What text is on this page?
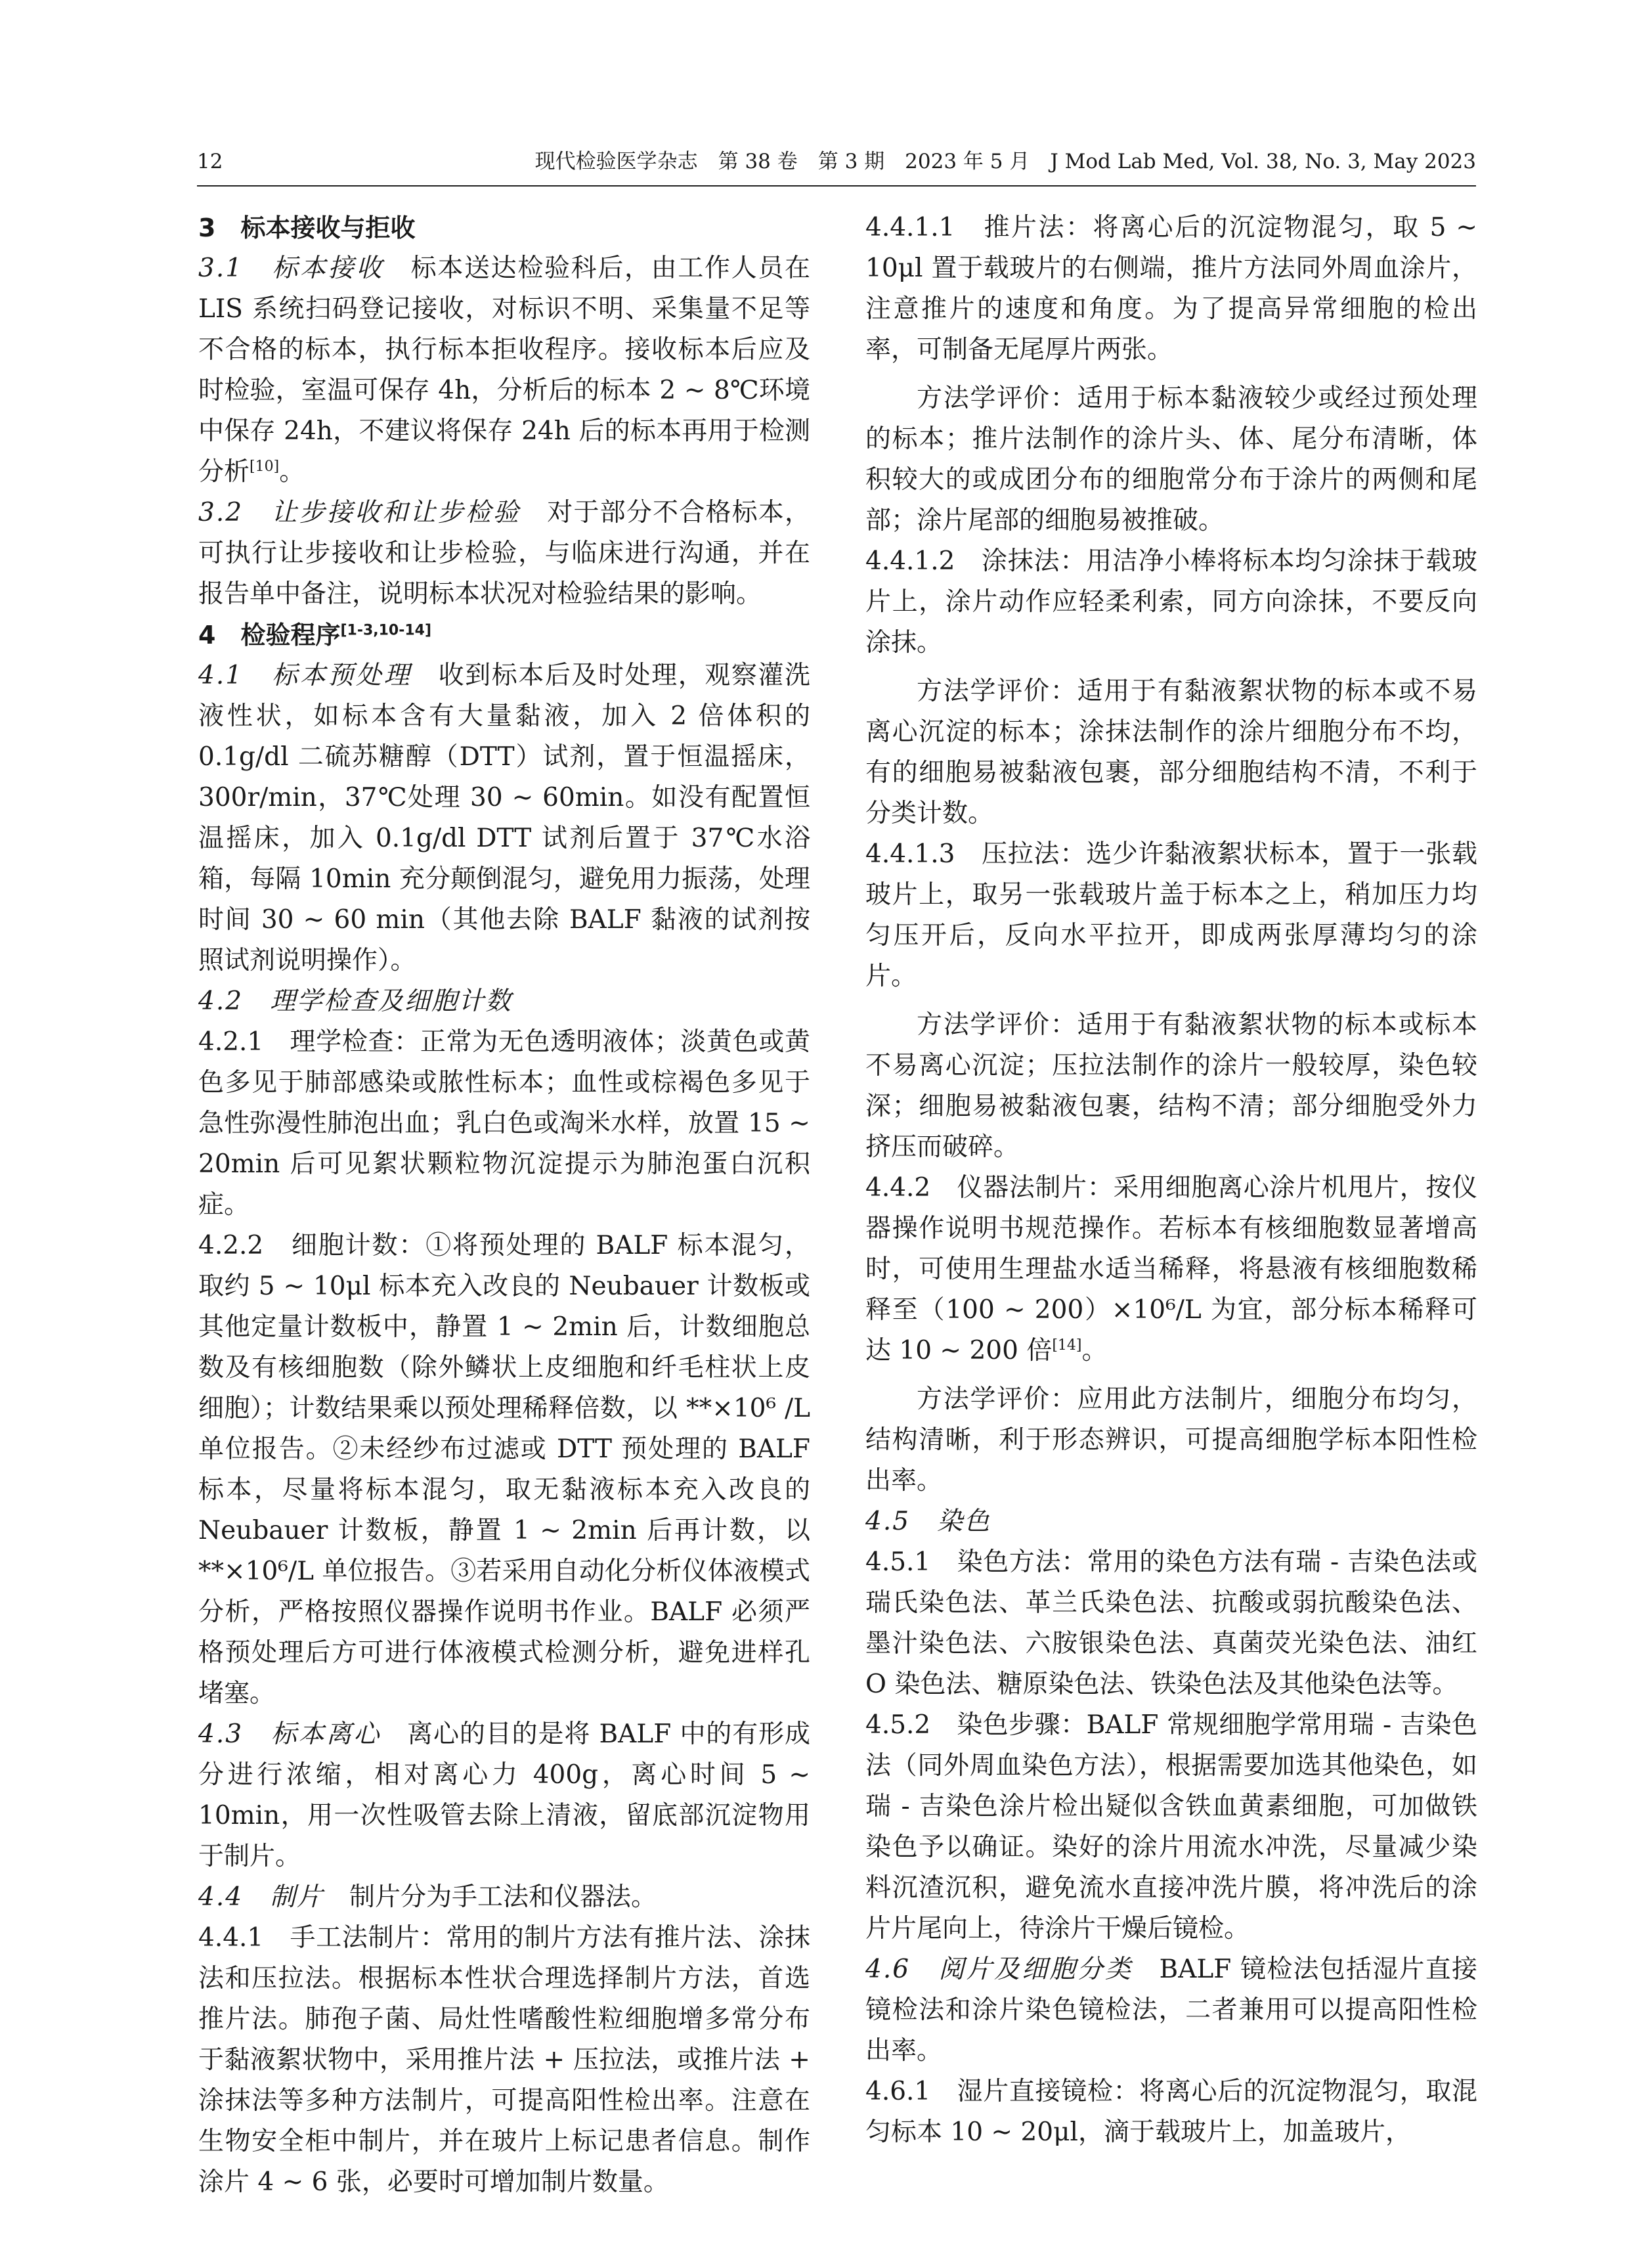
12	现代检验医学杂志　第 38 卷　第 3 期　2023 年 5 月　J Mod Lab Med, Vol. 38, No. 3, May 2023

3　标本接收与拒收

3.1　标本接收　标本送达检验科后，由工作人员在 LIS 系统扫码登记接收，对标识不明、采集量不足等不合格的标本，执行标本拒收程序。接收标本后应及时检验，室温可保存 4h，分析后的标本 2 ~ 8℃环境中保存 24h，不建议将保存 24h 后的标本再用于检测分析[10]。

3.2　让步接收和让步检验　对于部分不合格标本，可执行让步接收和让步检验，与临床进行沟通，并在报告单中备注，说明标本状况对检验结果的影响。

4　检验程序[1-3,10-14]

4.1　标本预处理　收到标本后及时处理，观察灌洗液性状，如标本含有大量黏液，加入 2 倍体积的 0.1g/dl 二硫苏糖醇（DTT）试剂，置于恒温摇床，300r/min，37℃处理 30 ~ 60min。如没有配置恒温摇床，加入 0.1g/dl DTT 试剂后置于 37℃水浴箱，每隔 10min 充分颠倒混匀，避免用力振荡，处理时间 30 ~ 60 min（其他去除 BALF 黏液的试剂按照试剂说明操作）。

4.2　理学检查及细胞计数

4.2.1　理学检查：正常为无色透明液体；淡黄色或黄色多见于肺部感染或脓性标本；血性或棕褐色多见于急性弥漫性肺泡出血；乳白色或淘米水样，放置 15 ~ 20min 后可见絮状颗粒物沉淀提示为肺泡蛋白沉积症。

4.2.2　细胞计数：①将预处理的 BALF 标本混匀，取约 5 ~ 10μl 标本充入改良的 Neubauer 计数板或其他定量计数板中，静置 1 ~ 2min 后，计数细胞总数及有核细胞数（除外鳞状上皮细胞和纤毛柱状上皮细胞）；计数结果乘以预处理稀释倍数，以 **×10⁶ /L 单位报告。②未经纱布过滤或 DTT 预处理的 BALF 标本，尽量将标本混匀，取无黏液标本充入改良的 Neubauer 计数板，静置 1 ~ 2min 后再计数，以 **×10⁶/L 单位报告。③若采用自动化分析仪体液模式分析，严格按照仪器操作说明书作业。BALF 必须严格预处理后方可进行体液模式检测分析，避免进样孔堵塞。

4.3　标本离心　离心的目的是将 BALF 中的有形成分进行浓缩，相对离心力 400g，离心时间 5 ~ 10min，用一次性吸管去除上清液，留底部沉淀物用于制片。

4.4　制片　制片分为手工法和仪器法。

4.4.1　手工法制片：常用的制片方法有推片法、涂抹法和压拉法。根据标本性状合理选择制片方法，首选推片法。肺孢子菌、局灶性嗜酸性粒细胞增多常分布于黏液絮状物中，采用推片法 + 压拉法，或推片法 + 涂抹法等多种方法制片，可提高阳性检出率。注意在生物安全柜中制片，并在玻片上标记患者信息。制作涂片 4 ~ 6 张，必要时可增加制片数量。

4.4.1.1　推片法：将离心后的沉淀物混匀，取 5 ~ 10μl 置于载玻片的右侧端，推片方法同外周血涂片，注意推片的速度和角度。为了提高异常细胞的检出率，可制备无尾厚片两张。

方法学评价：适用于标本黏液较少或经过预处理的标本；推片法制作的涂片头、体、尾分布清晰，体积较大的或成团分布的细胞常分布于涂片的两侧和尾部；涂片尾部的细胞易被推破。

4.4.1.2　涂抹法：用洁净小棒将标本均匀涂抹于载玻片上，涂片动作应轻柔利索，同方向涂抹，不要反向涂抹。

方法学评价：适用于有黏液絮状物的标本或不易离心沉淀的标本；涂抹法制作的涂片细胞分布不均，有的细胞易被黏液包裹，部分细胞结构不清，不利于分类计数。

4.4.1.3　压拉法：选少许黏液絮状标本，置于一张载玻片上，取另一张载玻片盖于标本之上，稍加压力均匀压开后，反向水平拉开，即成两张厚薄均匀的涂片。

方法学评价：适用于有黏液絮状物的标本或标本不易离心沉淀；压拉法制作的涂片一般较厚，染色较深；细胞易被黏液包裹，结构不清；部分细胞受外力挤压而破碎。

4.4.2　仪器法制片：采用细胞离心涂片机甩片，按仪器操作说明书规范操作。若标本有核细胞数显著增高时，可使用生理盐水适当稀释，将悬液有核细胞数稀释至（100 ~ 200）×10⁶/L 为宜，部分标本稀释可达 10 ~ 200 倍[14]。

方法学评价：应用此方法制片，细胞分布均匀，结构清晰，利于形态辨识，可提高细胞学标本阳性检出率。

4.5　染色

4.5.1　染色方法：常用的染色方法有瑞 - 吉染色法或瑞氏染色法、革兰氏染色法、抗酸或弱抗酸染色法、墨汁染色法、六胺银染色法、真菌荧光染色法、油红 O 染色法、糖原染色法、铁染色法及其他染色法等。

4.5.2　染色步骤：BALF 常规细胞学常用瑞 - 吉染色法（同外周血染色方法），根据需要加选其他染色，如瑞 - 吉染色涂片检出疑似含铁血黄素细胞，可加做铁染色予以确证。染好的涂片用流水冲洗，尽量减少染料沉渣沉积，避免流水直接冲洗片膜，将冲洗后的涂片片尾向上，待涂片干燥后镜检。

4.6　阅片及细胞分类　BALF 镜检法包括湿片直接镜检法和涂片染色镜检法，二者兼用可以提高阳性检出率。

4.6.1　湿片直接镜检：将离心后的沉淀物混匀，取混匀标本 10 ~ 20μl，滴于载玻片上，加盖玻片，
